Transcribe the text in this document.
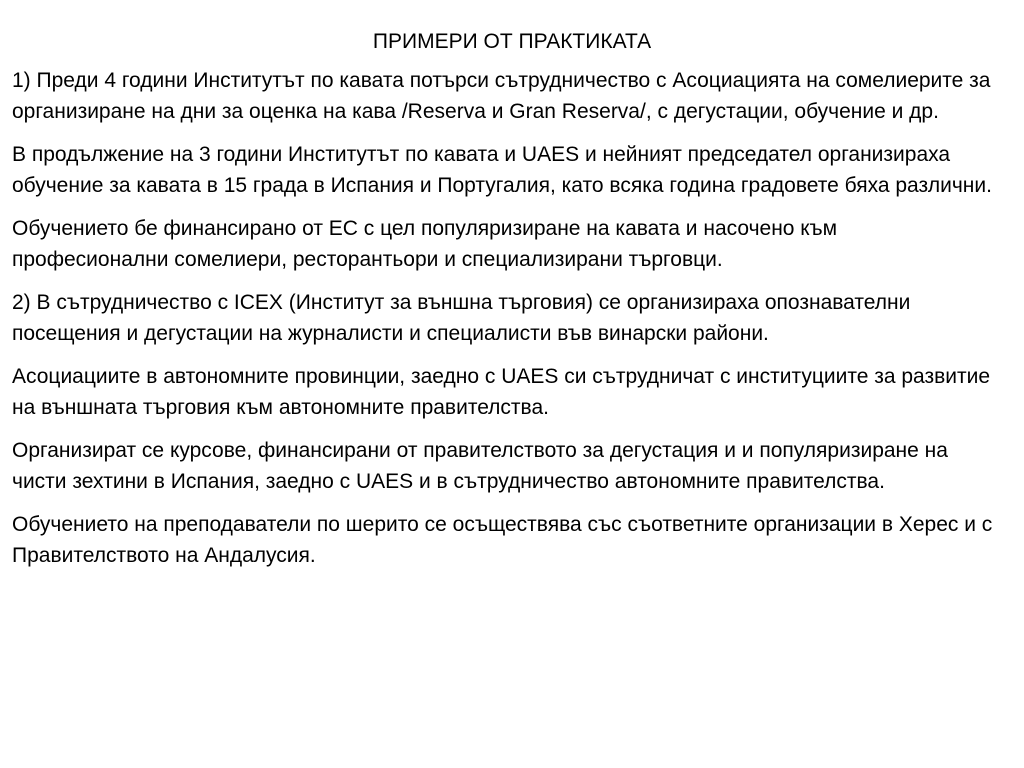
ПРИМЕРИ ОТ ПРАКТИКАТА

1) Преди 4 години Институтът по кавата потърси сътрудничество с Асоциацията на сомелиерите за организиране на дни за оценка на кава /Reserva и Gran Reserva/, с дегустации, обучение и др.

В продължение на 3 години Институтът по кавата и UAES и нейният председател организираха обучение за кавата в 15 града в Испания и Португалия, като всяка година градовете бяха различни.

Обучението бе финансирано от ЕС с цел популяризиране на кавата и насочено към професионални сомелиери, ресторантьори и специализирани търговци.

2) В сътрудничество с ICEX (Институт за външна търговия) се организираха опознавателни посещения и дегустации на журналисти и специалисти във винарски райони.

Асоциациите в автономните провинции, заедно с UAES си сътрудничат с институциите за развитие на външната търговия към автономните правителства.

Организират се курсове, финансирани от правителството за дегустация и и популяризиране на чисти зехтини в Испания, заедно с UAES и в сътрудничество автономните правителства.

Обучението на преподаватели по шерито се осъществява със съответните организации в Херес и с Правителството на Андалусия.
